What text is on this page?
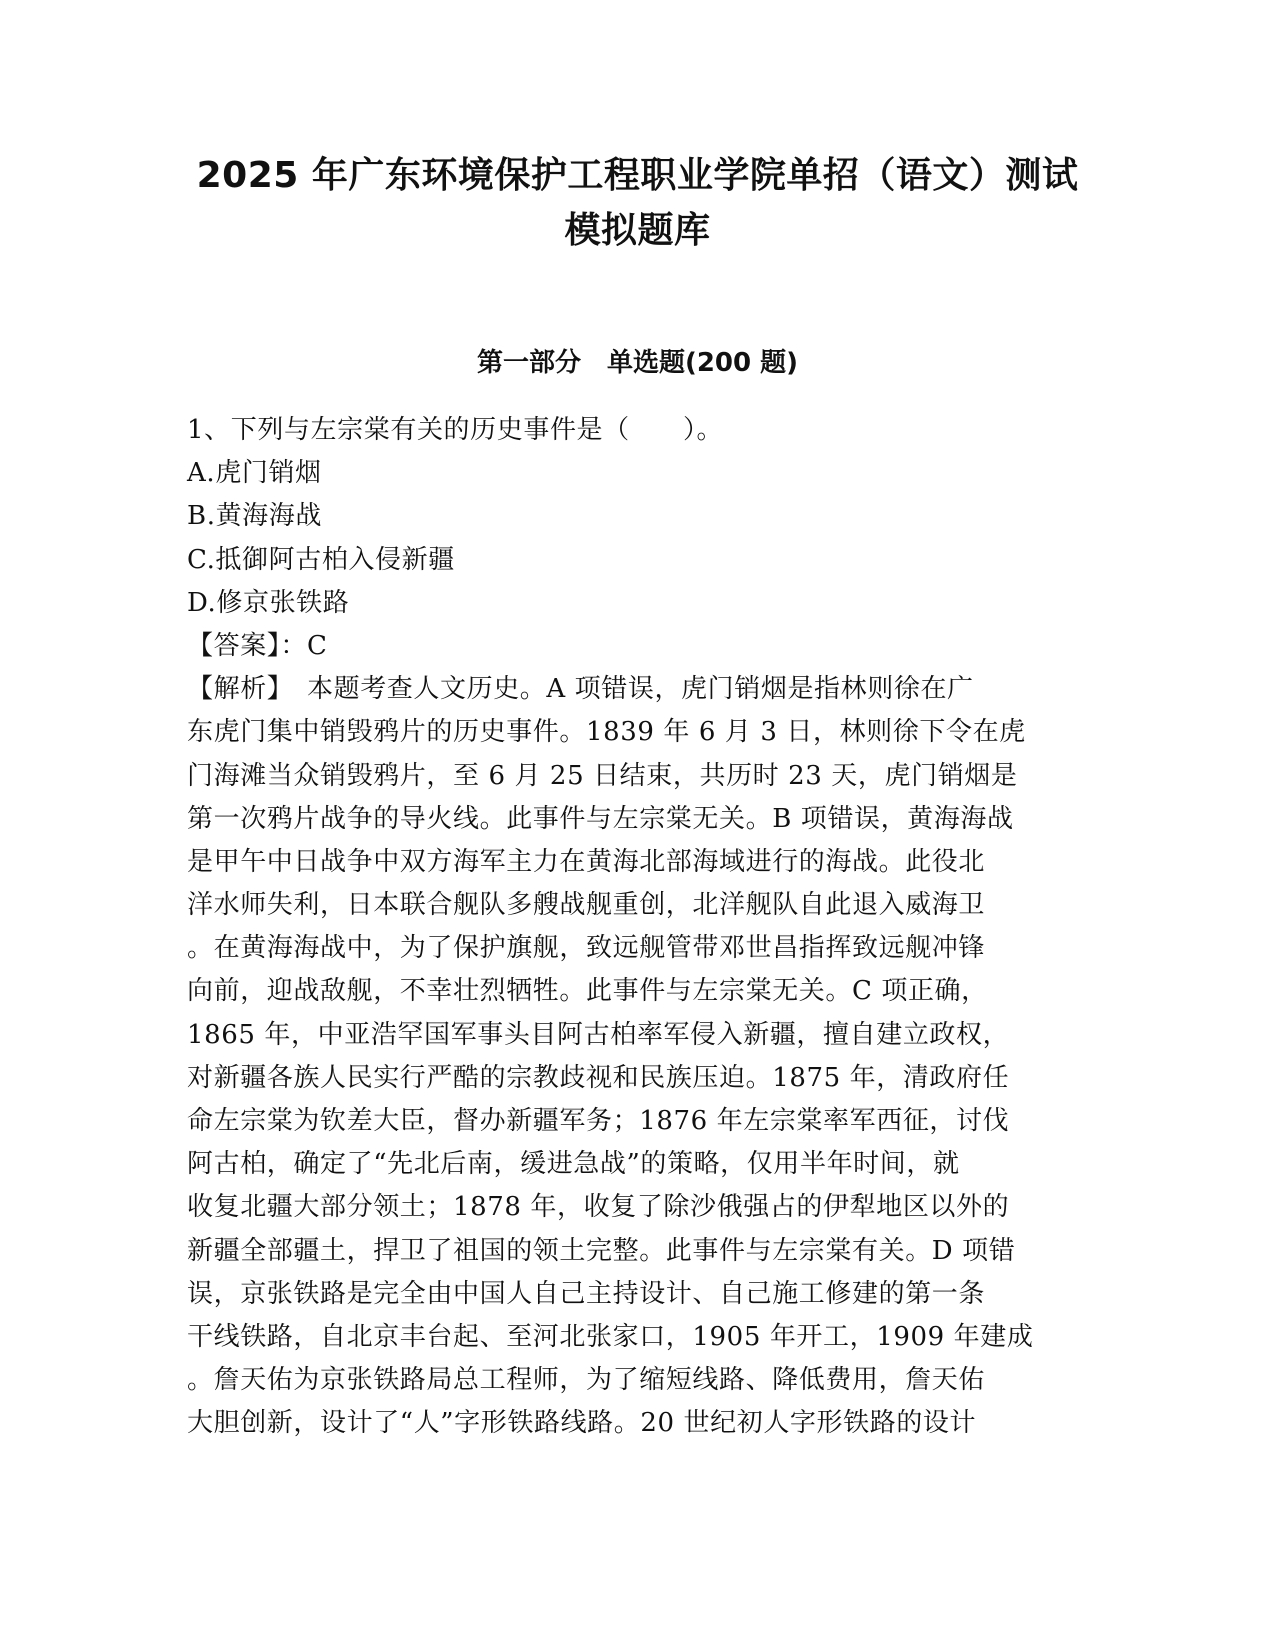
2025 年广东环境保护工程职业学院单招（语文）测试
模拟题库
第一部分　单选题(200 题)
1、下列与左宗棠有关的历史事件是（　　）。
A.虎门销烟
B.黄海海战
C.抵御阿古柏入侵新疆
D.修京张铁路
【答案】：C
【解析】　本题考查人文历史。A 项错误，虎门销烟是指林则徐在广
东虎门集中销毁鸦片的历史事件。1839 年 6 月 3 日，林则徐下令在虎
门海滩当众销毁鸦片，至 6 月 25 日结束，共历时 23 天，虎门销烟是
第一次鸦片战争的导火线。此事件与左宗棠无关。B 项错误，黄海海战
是甲午中日战争中双方海军主力在黄海北部海域进行的海战。此役北
洋水师失利，日本联合舰队多艘战舰重创，北洋舰队自此退入威海卫
。在黄海海战中，为了保护旗舰，致远舰管带邓世昌指挥致远舰冲锋
向前，迎战敌舰，不幸壮烈牺牲。此事件与左宗棠无关。C 项正确，
1865 年，中亚浩罕国军事头目阿古柏率军侵入新疆，擅自建立政权，
对新疆各族人民实行严酷的宗教歧视和民族压迫。1875 年，清政府任
命左宗棠为钦差大臣，督办新疆军务；1876 年左宗棠率军西征，讨伐
阿古柏，确定了“先北后南，缓进急战”的策略，仅用半年时间，就
收复北疆大部分领土；1878 年，收复了除沙俄强占的伊犁地区以外的
新疆全部疆土，捍卫了祖国的领土完整。此事件与左宗棠有关。D 项错
误，京张铁路是完全由中国人自己主持设计、自己施工修建的第一条
干线铁路，自北京丰台起、至河北张家口，1905 年开工，1909 年建成
。詹天佑为京张铁路局总工程师，为了缩短线路、降低费用，詹天佑
大胆创新，设计了“人”字形铁路线路。20 世纪初人字形铁路的设计
